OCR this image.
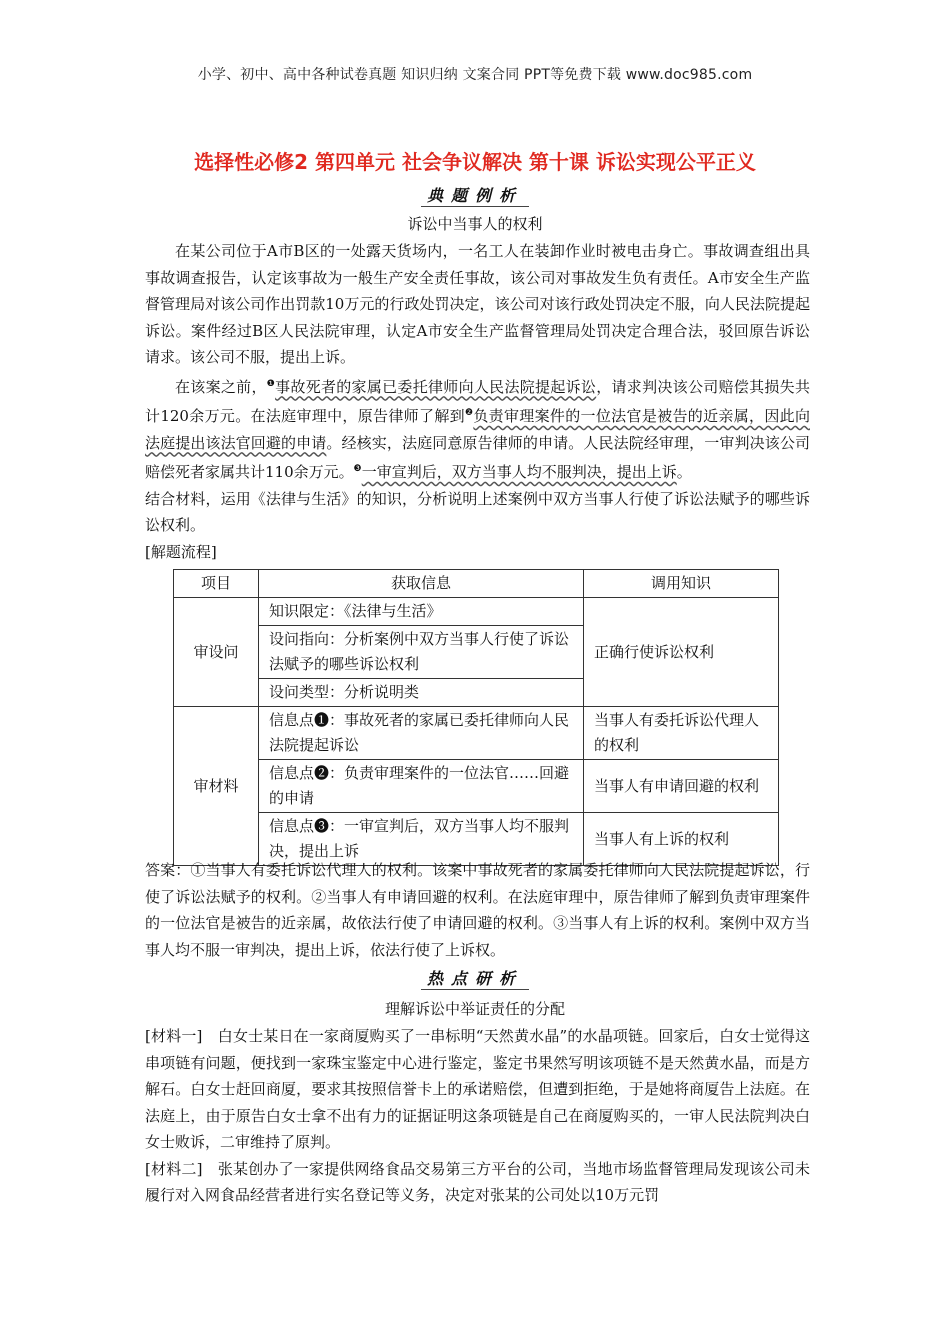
小学、初中、高中各种试卷真题 知识归纳 文案合同 PPT等免费下载 www.doc985.com
选择性必修2 第四单元 社会争议解决 第十课 诉讼实现公平正义
典题例析
诉讼中当事人的权利

在某公司位于A市B区的一处露天货场内，一名工人在装卸作业时被电击身亡。事故调查组出具事故调查报告，认定该事故为一般生产安全责任事故，该公司对事故发生负有责任。A市安全生产监督管理局对该公司作出罚款10万元的行政处罚决定，该公司对该行政处罚决定不服，向人民法院提起诉讼。案件经过B区人民法院审理，认定A市安全生产监督管理局处罚决定合理合法，驳回原告诉讼请求。该公司不服，提出上诉。

在该案之前，$^❶$事故死者的家属已委托律师向人民法院提起诉讼，请求判决该公司赔偿其损失共计120余万元。在法庭审理中，原告律师了解到$^❷$负责审理案件的一位法官是被告的近亲属，因此向法庭提出该法官回避的申请。经核实，法庭同意原告律师的申请。人民法院经审理，一审判决该公司赔偿死者家属共计110余万元。$^❸$一审宣判后，双方当事人均不服判决，提出上诉。

结合材料，运用《法律与生活》的知识，分析说明上述案例中双方当事人行使了诉讼法赋予的哪些诉讼权利。

[解题流程]

项目	获取信息	调用知识
审设问	知识限定：《法律与生活》	正确行使诉讼权利
	设问指向：分析案例中双方当事人行使了诉讼法赋予的哪些诉讼权利	
	设问类型：分析说明类	
审材料	信息点❶：事故死者的家属已委托律师向人民法院提起诉讼	当事人有委托诉讼代理人的权利
	信息点❷：负责审理案件的一位法官……回避的申请	当事人有申请回避的权利
	信息点❸：一审宣判后，双方当事人均不服判决，提出上诉	当事人有上诉的权利

答案：①当事人有委托诉讼代理人的权利。该案中事故死者的家属委托律师向人民法院提起诉讼，行使了诉讼法赋予的权利。②当事人有申请回避的权利。在法庭审理中，原告律师了解到负责审理案件的一位法官是被告的近亲属，故依法行使了申请回避的权利。③当事人有上诉的权利。案例中双方当事人均不服一审判决，提出上诉，依法行使了上诉权。

热点研析
理解诉讼中举证责任的分配

[材料一]　白女士某日在一家商厦购买了一串标明“天然黄水晶”的水晶项链。回家后，白女士觉得这串项链有问题，便找到一家珠宝鉴定中心进行鉴定，鉴定书果然写明该项链不是天然黄水晶，而是方解石。白女士赶回商厦，要求其按照信誉卡上的承诺赔偿，但遭到拒绝，于是她将商厦告上法庭。在法庭上，由于原告白女士拿不出有力的证据证明这条项链是自己在商厦购买的，一审人民法院判决白女士败诉，二审维持了原判。

[材料二]　张某创办了一家提供网络食品交易第三方平台的公司，当地市场监督管理局发现该公司未履行对入网食品经营者进行实名登记等义务，决定对张某的公司处以10万元罚
